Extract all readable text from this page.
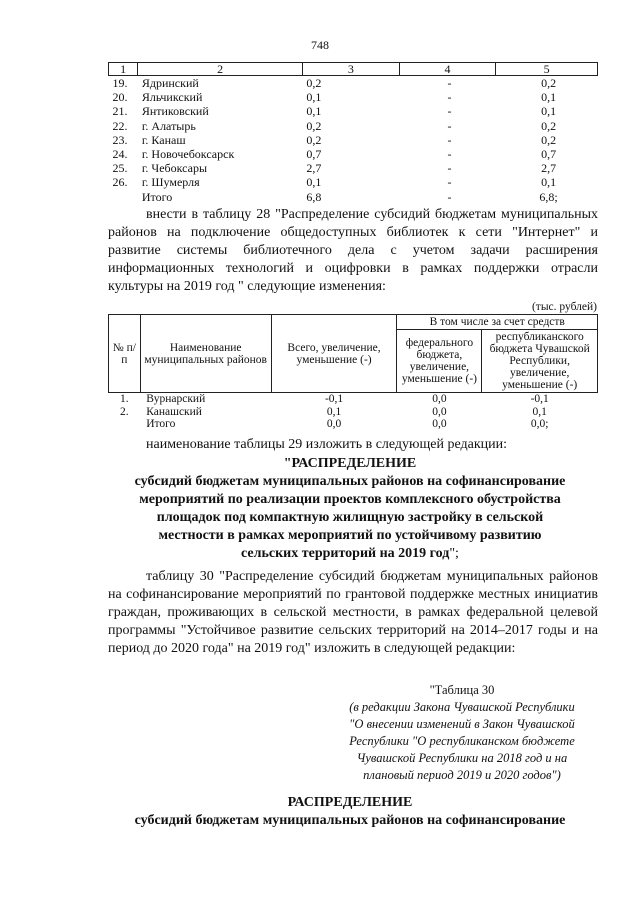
748
1	2	3	4	5
19.	Ядринский	0,2	-	0,2
20.	Яльчикский	0,1	-	0,1
21.	Янтиковский	0,1	-	0,1
22.	г. Алатырь	0,2	-	0,2
23.	г. Канаш	0,2	-	0,2
24.	г. Новочебоксарск	0,7	-	0,7
25.	г. Чебоксары	2,7	-	2,7
26.	г. Шумерля	0,1	-	0,1
	Итого	6,8	-	6,8;
внести в таблицу 28 "Распределение субсидий бюджетам муниципальных районов на подключение общедоступных библиотек к сети "Интернет" и развитие системы библиотечного дела с учетом задачи расширения информационных технологий и оцифровки в рамках поддержки отрасли культуры на 2019 год " следующие изменения:
(тыс. рублей)
№ п/п	Наименование муниципальных районов	Всего, увеличение, уменьшение (-)	В том числе за счет средств	
			федерального бюджета, увеличение, уменьшение (-)	республиканского бюджета Чувашской Республики, увеличение, уменьшение (-)
1.	Вурнарский	-0,1	0,0	-0,1
2.	Канашский	0,1	0,0	0,1
	Итого	0,0	0,0	0,0;
наименование таблицы 29 изложить в следующей редакции:
"РАСПРЕДЕЛЕНИЕ
субсидий бюджетам муниципальных районов на софинансирование
мероприятий по реализации проектов комплексного обустройства
площадок под компактную жилищную застройку в сельской
местности в рамках мероприятий по устойчивому развитию
сельских территорий на 2019 год";
таблицу 30 "Распределение субсидий бюджетам муниципальных районов на софинансирование мероприятий по грантовой поддержке местных инициатив граждан, проживающих в сельской местности, в рамках федеральной целевой программы "Устойчивое развитие сельских территорий на 2014–2017 годы и на период до 2020 года" на 2019 год" изложить в следующей редакции:
"Таблица 30
(в редакции Закона Чувашской Республики
"О внесении изменений в Закон Чувашской
Республики "О республиканском бюджете
Чувашской Республики на 2018 год и на
плановый период 2019 и 2020 годов")
РАСПРЕДЕЛЕНИЕ
субсидий бюджетам муниципальных районов на софинансирование
